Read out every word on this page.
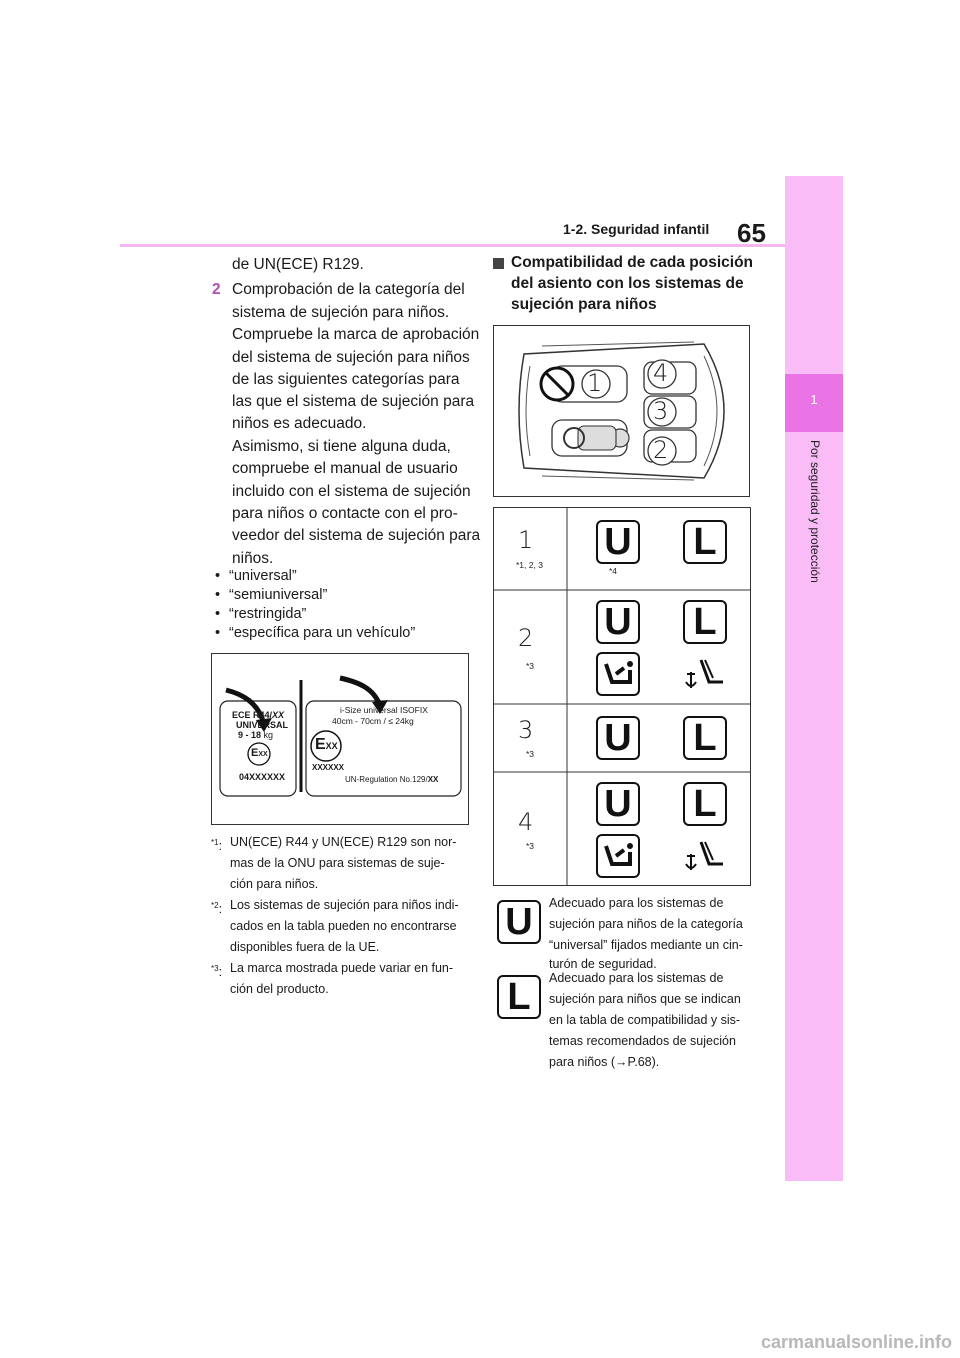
1-2. Seguridad infantil 65
1
Por seguridad y protección
de UN(ECE) R129.
2 Comprobación de la categoría del
sistema de sujeción para niños.
Compruebe la marca de aprobación
del sistema de sujeción para niños
de las siguientes categorías para
las que el sistema de sujeción para
niños es adecuado.
Asimismo, si tiene alguna duda,
compruebe el manual de usuario
incluido con el sistema de sujeción
para niños o contacte con el pro-
veedor del sistema de sujeción para
niños.
• “universal”
• “semiuniversal”
• “restringida”
• “específica para un vehículo”
ECE R44/XX
UNIVERSAL
9 - 18 kg
EXX
04XXXXXX
i-Size universal ISOFIX
40cm - 70cm / ≤ 24kg
EXX
XXXXXX
UN-Regulation No.129/XX
$^{*1}$: UN(ECE) R44 y UN(ECE) R129 son nor-
mas de la ONU para sistemas de suje-
ción para niños.
$^{*2}$: Los sistemas de sujeción para niños indi-
cados en la tabla pueden no encontrarse
disponibles fuera de la UE.
$^{*3}$: La marca mostrada puede variar en fun-
ción del producto.
Compatibilidad de cada posición
del asiento con los sistemas de
sujeción para niños
1 4
3
2
1
*1, 2, 3
U L
*4
2
*3
U L
3
*3 U L
4
*3
U L
U	Adecuado para los sistemas de
sujeción para niños de la categoría
“universal” fijados mediante un cin-
turón de seguridad.
L	Adecuado para los sistemas de
sujeción para niños que se indican
en la tabla de compatibilidad y sis-
temas recomendados de sujeción
para niños (→P.68).
carmanualsonline.info
